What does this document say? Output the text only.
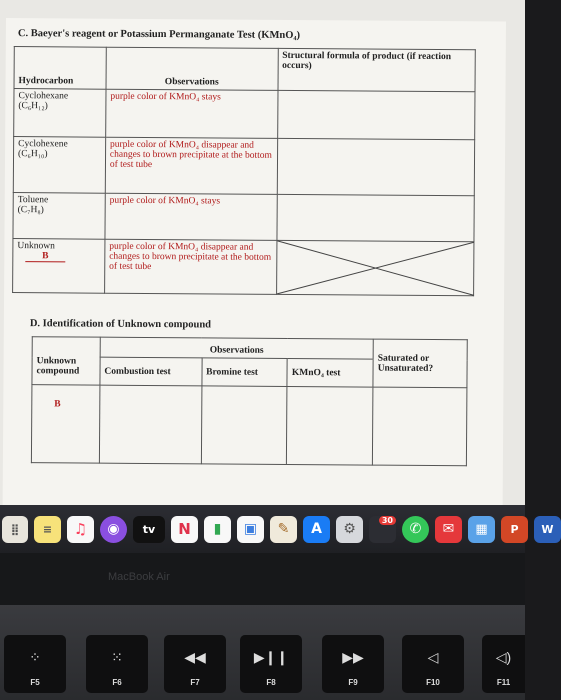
C. Baeyer's reagent or Potassium Permanganate Test (KMnO₄)
Hydrocarbon	Observations	Structural formula of product (if reaction occurs)

Cyclohexane
(C₆H₁₂)	purple color of KMnO₄ stays	

Cyclohexene
(C₆H₁₀)	purple color of KMnO₄ disappear and changes to brown precipitate at the bottom of test tube	

Toluene
(C₇H₈)	purple color of KMnO₄ stays	

Unknown
B	purple color of KMnO₄ disappear and changes to brown precipitate at the bottom of test tube	
D. Identification of Unknown compound
Unknown compound	Observations			Saturated or Unsaturated?
	Combustion test	Bromine test	KMnO₄ test	
B				
⣿	≡	♫	◉	tv	N	▮	▣	✎	A	⚙
30
✆	✉	▦	P W
MacBook Air
⁘
F5
⁙
F6
◀◀
F7
▶❙❙
F8
▶▶
F9
◁
F10
◁)
F11
